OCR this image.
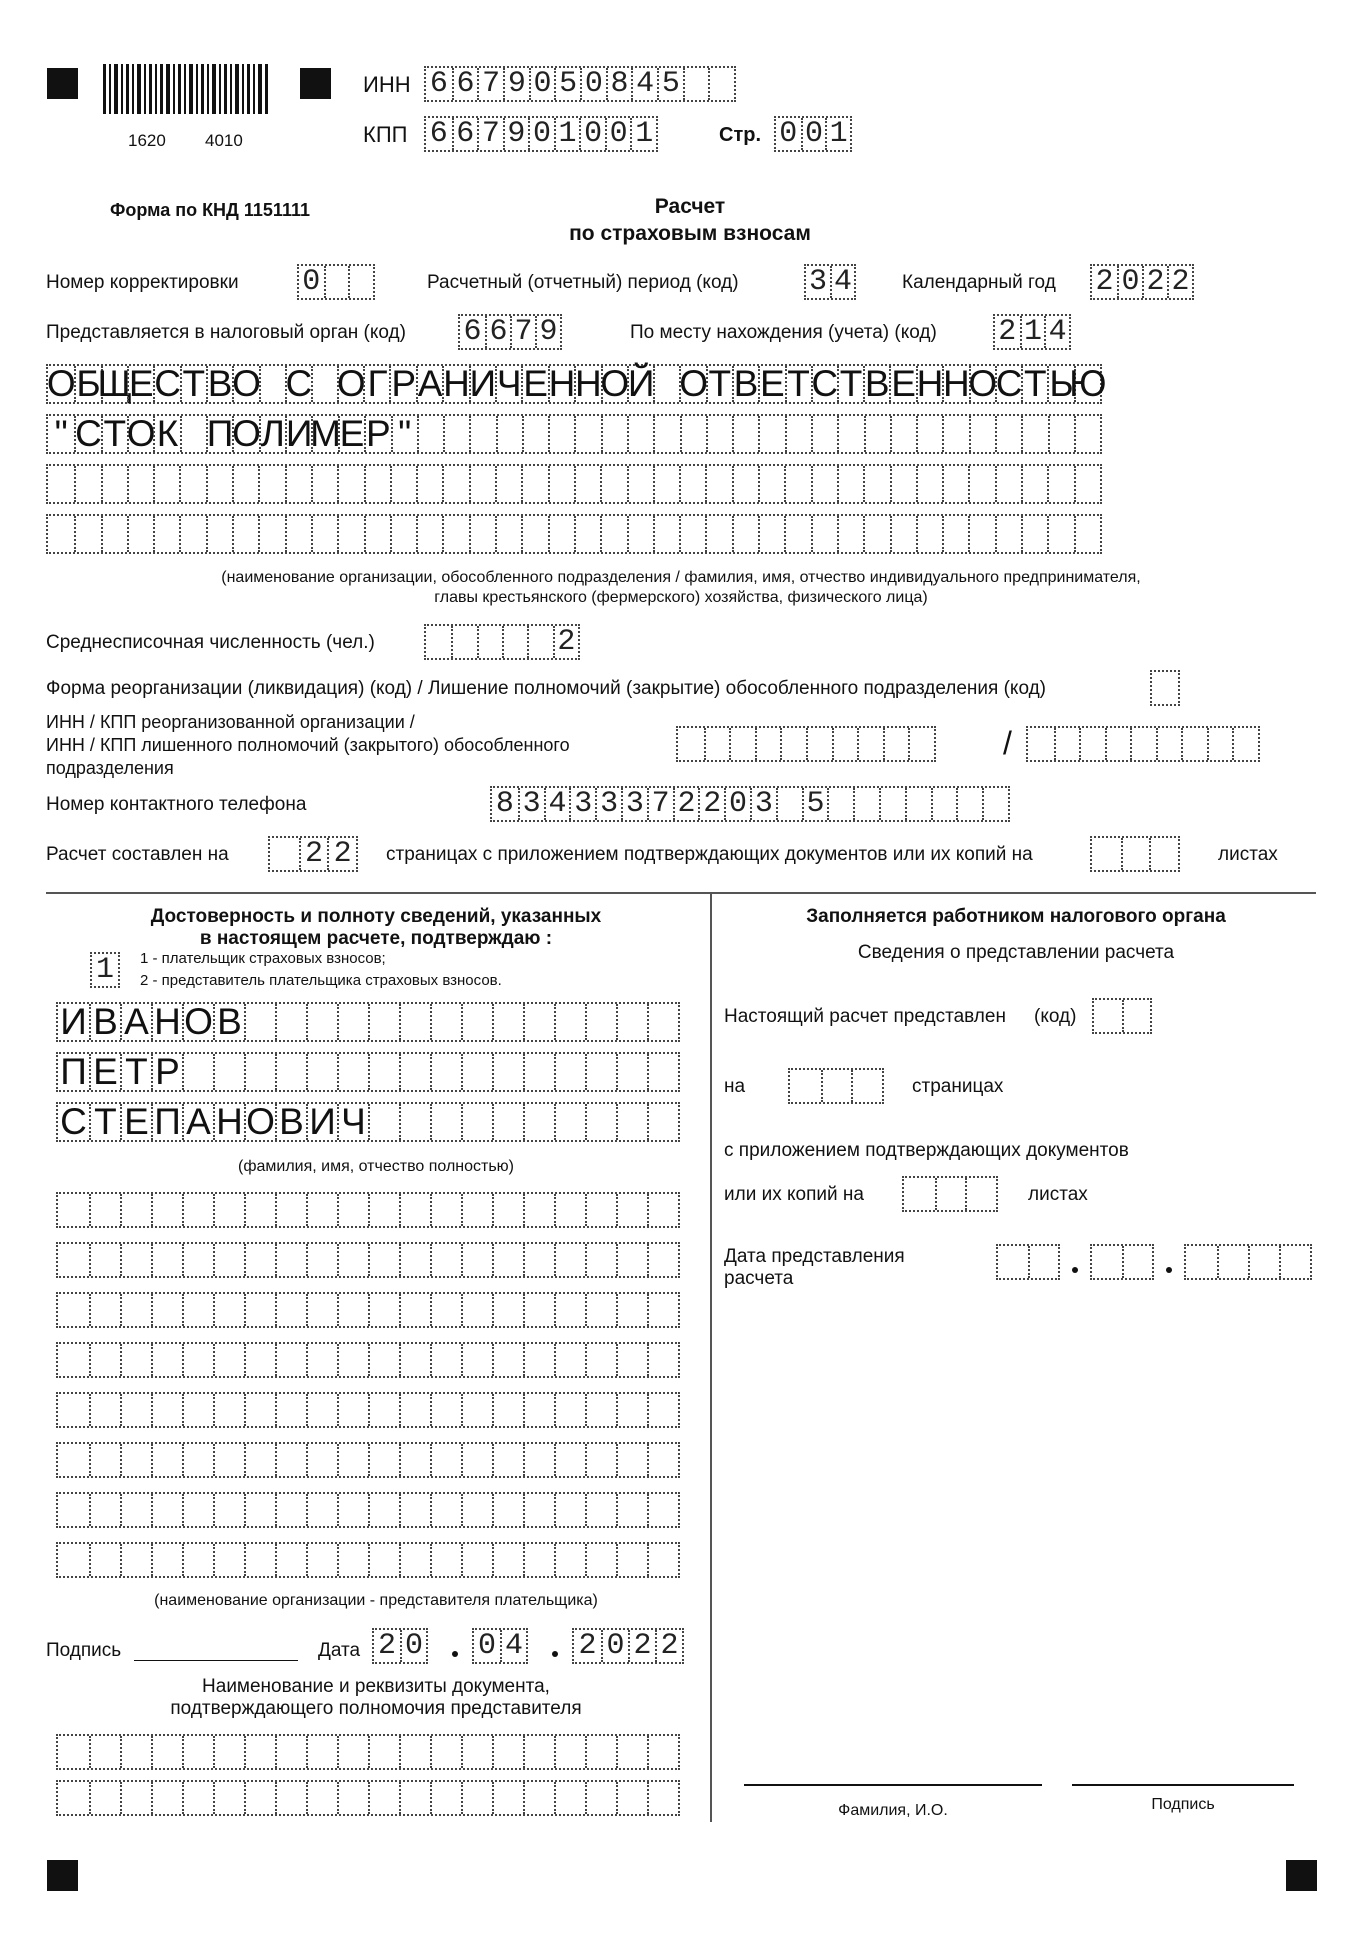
1620 4010
ИНН 6 6 7 9 0 5 0 8 4 5
КПП 6 6 7 9 0 1 0 0 1	Стр. 0 0 1
Форма по КНД 1151111	Расчет
по страховым взносам
Номер корректировки 0	Расчетный (отчетный) период (код) 3 4	Календарный год 2 0 2 2
Представляется в налоговый орган (код) 6 6 7 9	По месту нахождения (учета) (код) 2 1 4
О Б
Щ
Е С Т В О С О Г Р А Н И Ч Е Н Н
О
Й О Т В Е Т С Т В Е Н Н
О
С Т Ь
Ю
" С Т О К П
О Л И
М
Е Р "
(наименование организации, обособленного подразделения / фамилия, имя, отчество индивидуального предпринимателя,
главы крестьянского (фермерского) хозяйства, физического лица)
Среднесписочная численность (чел.)	2
Форма реорганизации (ликвидация) (код) / Лишение полномочий (закрытие) обособленного подразделения (код)
ИНН / КПП реорганизованной организации /
ИНН / КПП лишенного полномочий (закрытого) обособленного
подразделения
/
Номер контактного телефона	8 3 4 3 3 3 7 2 2 0 3 5
Расчет составлен на	2 2 страницах с приложением подтверждающих документов или их копий на	листах
Достоверность и полноту сведений, указанных
в настоящем расчете, подтверждаю :
1 1 - плательщик страховых взносов;
2 - представитель плательщика страховых взносов.
И В А Н О В
П Е Т Р
С Т Е П А Н О В И Ч
(фамилия, имя, отчество полностью)
(наименование организации - представителя плательщика)
Подпись	Дата 2 0 0 4 2 0 2 2
Наименование и реквизиты документа,
подтверждающего полномочия представителя
Заполняется работником налогового органа
Сведения о представлении расчета
Настоящий расчет представлен (код)
на	страницах
с приложением подтверждающих документов
или их копий на	листах
Дата представления
расчета
Фамилия, И.О.	Подпись
